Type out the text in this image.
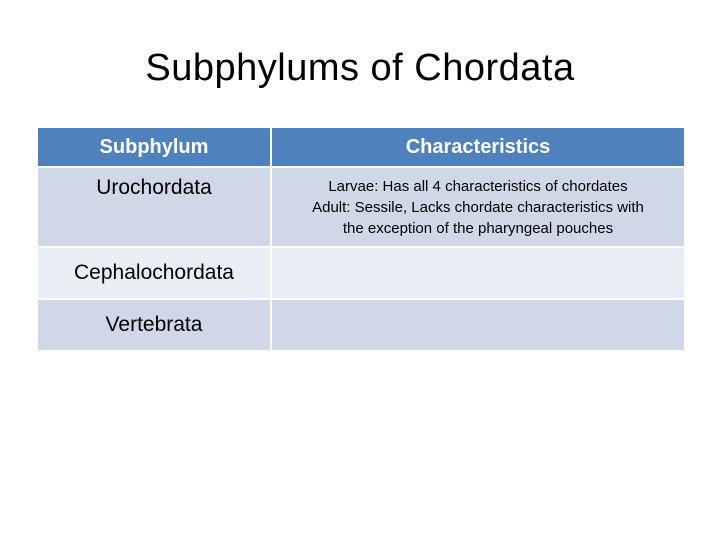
Subphylums of Chordata
Subphylum	Characteristics
Urochordata	Larvae: Has all 4 characteristics of chordates
Adult: Sessile, Lacks chordate characteristics with
the exception of the pharyngeal pouches

Cephalochordata	
Vertebrata	
